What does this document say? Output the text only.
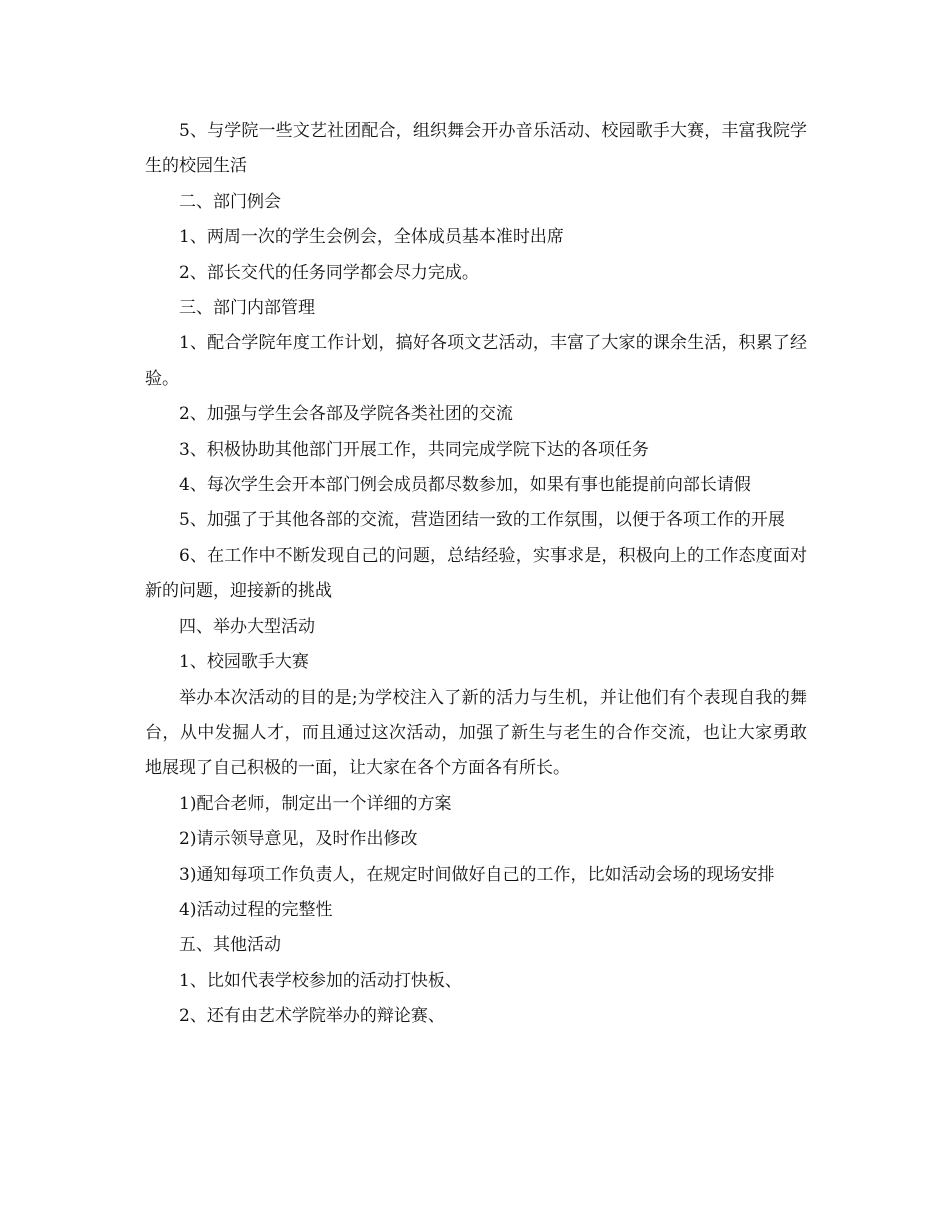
5、与学院一些文艺社团配合，组织舞会开办音乐活动、校园歌手大赛，丰富我院学生的校园生活

二、部门例会

1、两周一次的学生会例会，全体成员基本准时出席

2、部长交代的任务同学都会尽力完成。

三、部门内部管理

1、配合学院年度工作计划，搞好各项文艺活动，丰富了大家的课余生活，积累了经验。

2、加强与学生会各部及学院各类社团的交流

3、积极协助其他部门开展工作，共同完成学院下达的各项任务

4、每次学生会开本部门例会成员都尽数参加，如果有事也能提前向部长请假

5、加强了于其他各部的交流，营造团结一致的工作氛围，以便于各项工作的开展

6、在工作中不断发现自己的问题，总结经验，实事求是，积极向上的工作态度面对新的问题，迎接新的挑战

四、举办大型活动

1、校园歌手大赛

举办本次活动的目的是;为学校注入了新的活力与生机，并让他们有个表现自我的舞台，从中发掘人才，而且通过这次活动，加强了新生与老生的合作交流，也让大家勇敢地展现了自己积极的一面，让大家在各个方面各有所长。

1)配合老师，制定出一个详细的方案

2)请示领导意见，及时作出修改

3)通知每项工作负责人，在规定时间做好自己的工作，比如活动会场的现场安排

4)活动过程的完整性

五、其他活动

1、比如代表学校参加的活动打快板、

2、还有由艺术学院举办的辩论赛、
